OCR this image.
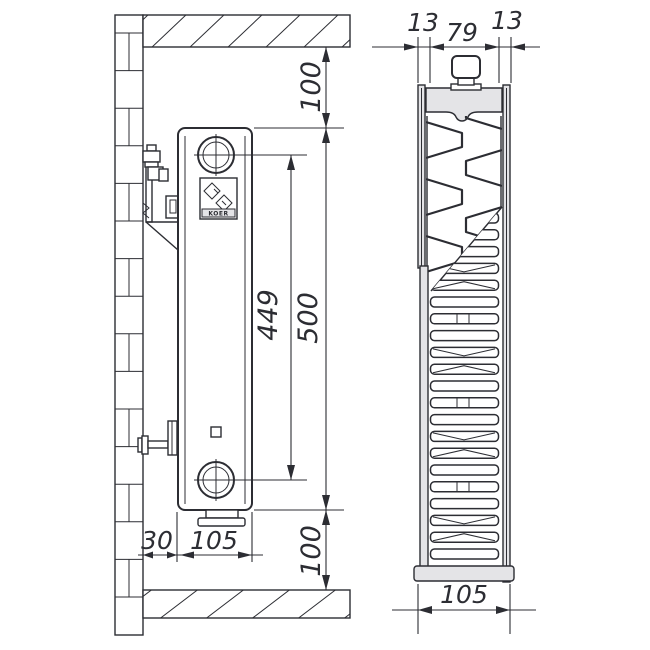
KOER
100
449 500
100
30 105
13 79 13
105
